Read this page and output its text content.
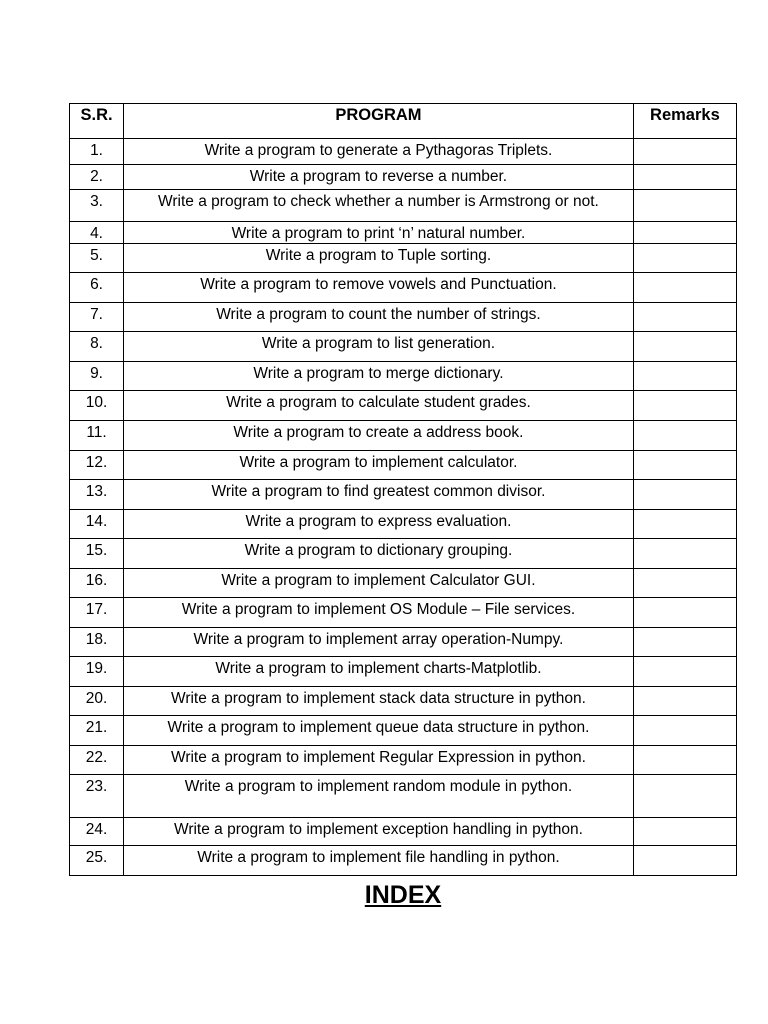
S.R.	PROGRAM	Remarks
1.	Write a program to generate a Pythagoras Triplets.	
2.	Write a program to reverse a number.	
3.	Write a program to check whether a number is Armstrong or not.	
4.	Write a program to print ‘n’ natural number.	
5.	Write a program to Tuple sorting.	
6.	Write a program to remove vowels and Punctuation.	
7.	Write a program to count the number of strings.	
8.	Write a program to list generation.	
9.	Write a program to merge dictionary.	
10.	Write a program to calculate student grades.	
11.	Write a program to create a address book.	
12.	Write a program to implement calculator.	
13.	Write a program to find greatest common divisor.	
14.	Write a program to express evaluation.	
15.	Write a program to dictionary grouping.	
16.	Write a program to implement Calculator GUI.	
17.	Write a program to implement OS Module – File services.	
18.	Write a program to implement array operation-Numpy.	
19.	Write a program to implement charts-Matplotlib.	
20.	Write a program to implement stack data structure in python.	
21.	Write a program to implement queue data structure in python.	
22.	Write a program to implement Regular Expression in python.	
23.	Write a program to implement random module in python.	
24.	Write a program to implement exception handling in python.	
25.	Write a program to implement file handling in python.	
INDEX
